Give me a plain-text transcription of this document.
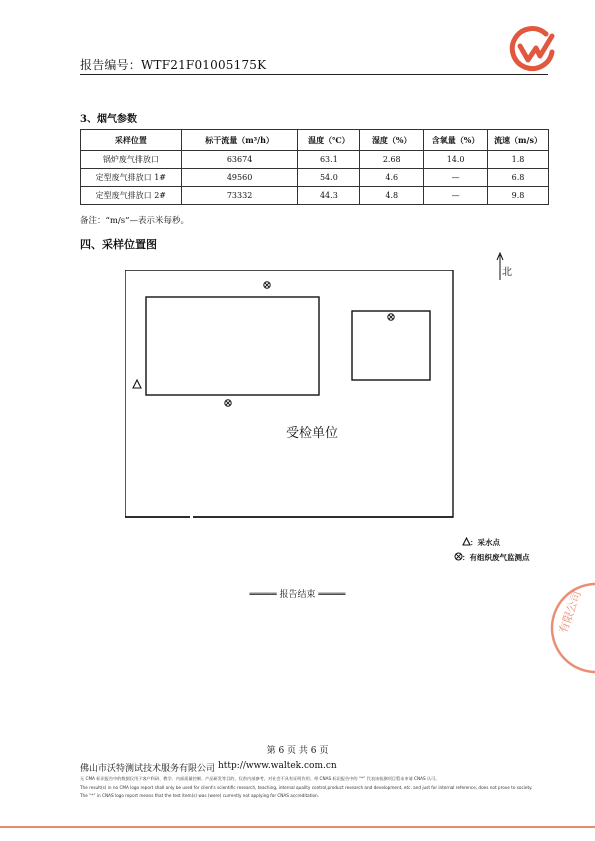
报告编号：WTF21F01005175K
3、烟气参数
采样位置	标干流量（m³/h）	温度（℃）	湿度（%）	含氧量（%）	流速（m/s）
锅炉废气排放口	63674	63.1	2.68	14.0	1.8
定型废气排放口 1#	49560	54.0	4.6	—	6.8
定型废气排放口 2#	73332	44.3	4.8	—	9.8
备注：“m/s”—表示米每秒。
四、采样位置图
北
受检单位
：采水点
：有组织废气监测点
═════ 报告结束 ═════	有限公司
第 6 页 共 6 页
佛山市沃特测试技术服务有限公司 http://www.waltek.com.cn
无 CMA 标识报告中的数据仅用于客户科研、教学、内部质量控制、产品研发等目的，仅供内部参考，对社会不具有证明作用；带 CNAS 标识报告中的 “*” 代表该检测项目暂未申请 CNAS 认可。
The result(s) in no CMA logo report shall only be used for client's scientific research, teaching, internal quality control,product research and development, etc. and just for internal reference, does not prove to society.
The “*” in CNAS logo report means that the test item(s) was (were) currently not applying for CNAS accreditation.
